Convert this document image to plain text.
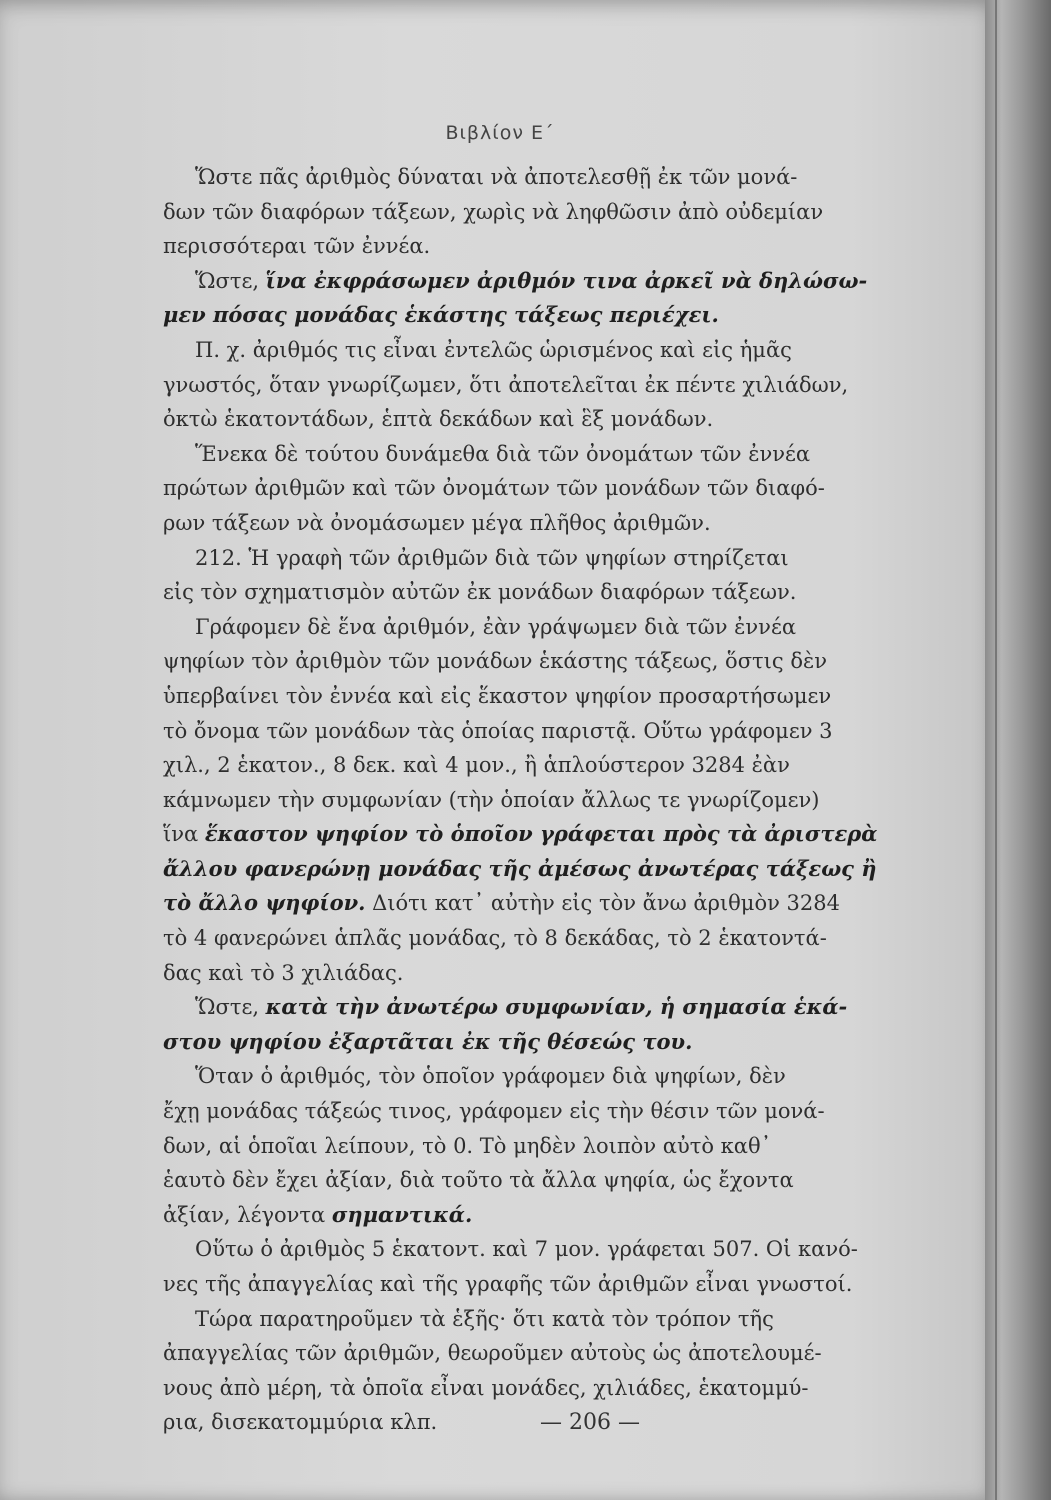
Βιβλίον Ε΄
Ὥστε πᾶς ἀριθμὸς δύναται νὰ ἀποτελεσθῇ ἐκ τῶν μονά-
δων τῶν διαφόρων τάξεων, χωρὶς νὰ ληφθῶσιν ἀπὸ οὐδεμίαν
περισσότεραι τῶν ἐννέα.
Ὥστε, ἵνα ἐκφράσωμεν ἀριθμόν τινα ἀρκεῖ νὰ δηλώσω-
μεν πόσας μονάδας ἑκάστης τάξεως περιέχει.
Π. χ. ἀριθμός τις εἶναι ἐντελῶς ὡρισμένος καὶ εἰς ἡμᾶς
γνωστός, ὅταν γνωρίζωμεν, ὅτι ἀποτελεῖται ἐκ πέντε χιλιάδων,
ὀκτὼ ἑκατοντάδων, ἑπτὰ δεκάδων καὶ ἓξ μονάδων.
Ἕνεκα δὲ τούτου δυνάμεθα διὰ τῶν ὀνομάτων τῶν ἐννέα
πρώτων ἀριθμῶν καὶ τῶν ὀνομάτων τῶν μονάδων τῶν διαφό-
ρων τάξεων νὰ ὀνομάσωμεν μέγα πλῆθος ἀριθμῶν.
212. Ἡ γραφὴ τῶν ἀριθμῶν διὰ τῶν ψηφίων στηρίζεται
εἰς τὸν σχηματισμὸν αὐτῶν ἐκ μονάδων διαφόρων τάξεων.
Γράφομεν δὲ ἕνα ἀριθμόν, ἐὰν γράψωμεν διὰ τῶν ἐννέα
ψηφίων τὸν ἀριθμὸν τῶν μονάδων ἑκάστης τάξεως, ὅστις δὲν
ὑπερβαίνει τὸν ἐννέα καὶ εἰς ἕκαστον ψηφίον προσαρτήσωμεν
τὸ ὄνομα τῶν μονάδων τὰς ὁποίας παριστᾷ. Οὕτω γράφομεν 3
χιλ., 2 ἑκατον., 8 δεκ. καὶ 4 μον., ἢ ἁπλούστερον 3284 ἐὰν
κάμνωμεν τὴν συμφωνίαν (τὴν ὁποίαν ἄλλως τε γνωρίζομεν)
ἵνα ἕκαστον ψηφίον τὸ ὁποῖον γράφεται πρὸς τὰ ἀριστερὰ
ἄλλου φανερώνῃ μονάδας τῆς ἀμέσως ἀνωτέρας τάξεως ἢ
τὸ ἄλλο ψηφίον. Διότι κατ᾽ αὐτὴν εἰς τὸν ἄνω ἀριθμὸν 3284
τὸ 4 φανερώνει ἁπλᾶς μονάδας, τὸ 8 δεκάδας, τὸ 2 ἑκατοντά-
δας καὶ τὸ 3 χιλιάδας.
Ὥστε, κατὰ τὴν ἀνωτέρω συμφωνίαν, ἡ σημασία ἑκά-
στου ψηφίου ἐξαρτᾶται ἐκ τῆς θέσεώς του.
Ὅταν ὁ ἀριθμός, τὸν ὁποῖον γράφομεν διὰ ψηφίων, δὲν
ἔχῃ μονάδας τάξεώς τινος, γράφομεν εἰς τὴν θέσιν τῶν μονά-
δων, αἱ ὁποῖαι λείπουν, τὸ 0. Τὸ μηδὲν λοιπὸν αὐτὸ καθ᾽
ἑαυτὸ δὲν ἔχει ἀξίαν, διὰ τοῦτο τὰ ἄλλα ψηφία, ὡς ἔχοντα
ἀξίαν, λέγοντα σημαντικά.
Οὕτω ὁ ἀριθμὸς 5 ἑκατοντ. καὶ 7 μον. γράφεται 507. Οἱ κανό-
νες τῆς ἀπαγγελίας καὶ τῆς γραφῆς τῶν ἀριθμῶν εἶναι γνωστοί.
Τώρα παρατηροῦμεν τὰ ἑξῆς· ὅτι κατὰ τὸν τρόπον τῆς
ἀπαγγελίας τῶν ἀριθμῶν, θεωροῦμεν αὐτοὺς ὡς ἀποτελουμέ-
νους ἀπὸ μέρη, τὰ ὁποῖα εἶναι μονάδες, χιλιάδες, ἑκατομμύ-
ρια, δισεκατομμύρια κλπ.	— 206 —
